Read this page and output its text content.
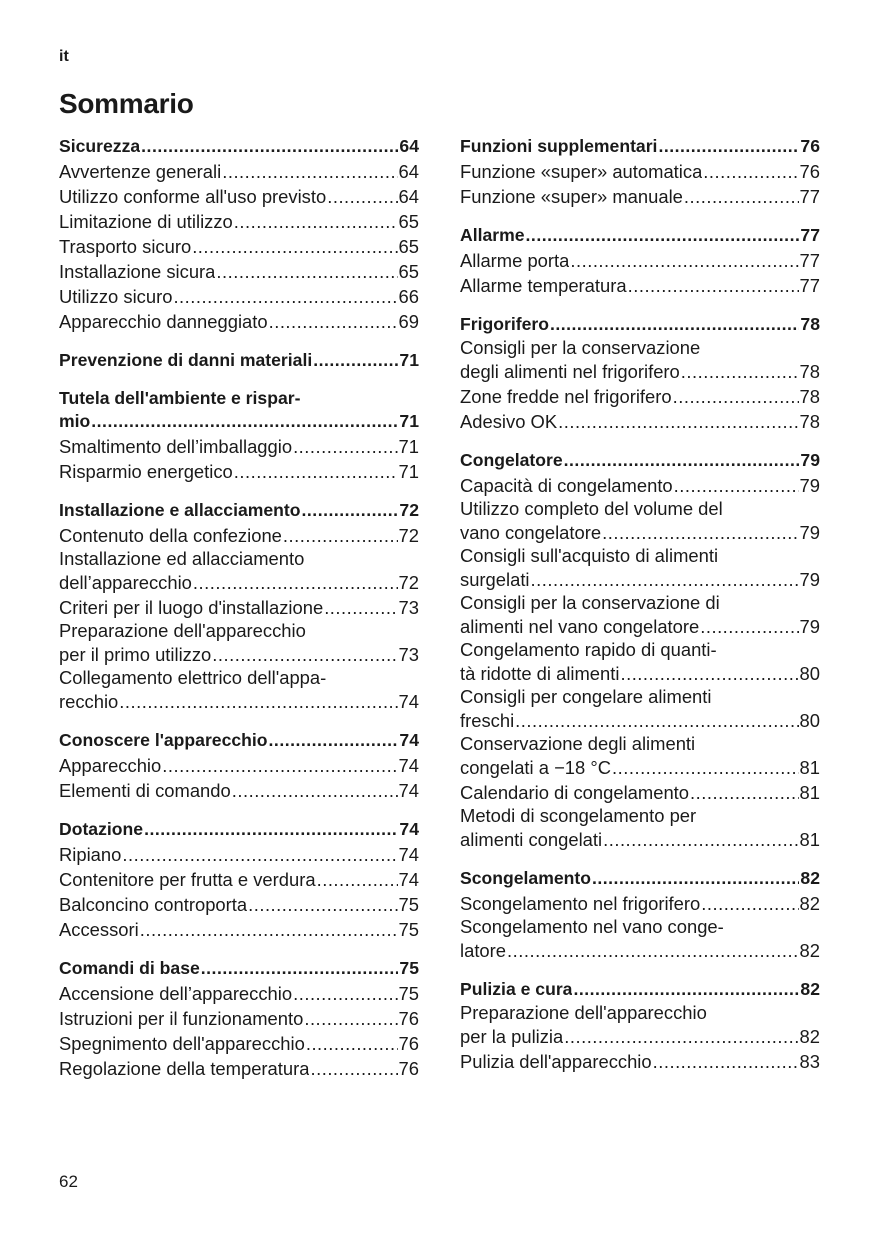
it
Sommario
Sicurezza .....	64
Avvertenze generali .....	64
Utilizzo conforme all'uso previsto .....	64
Limitazione di utilizzo .....	65
Trasporto sicuro .....	65
Installazione sicura .....	65
Utilizzo sicuro .....	66
Apparecchio danneggiato .....	69
Prevenzione di danni materiali .....	71
Tutela dell'ambiente e rispar-
mio .....	71
Smaltimento dell’imballaggio .....	71
Risparmio energetico .....	71
Installazione e allacciamento .....	72
Contenuto della confezione .....	72
Installazione ed allacciamento
dell’apparecchio .....	72
Criteri per il luogo d'installazione .....	73
Preparazione dell'apparecchio
per il primo utilizzo .....	73
Collegamento elettrico dell'appa-
recchio .....	74
Conoscere l'apparecchio .....	74
Apparecchio .....	74
Elementi di comando .....	74
Dotazione .....	74
Ripiano .....	74
Contenitore per frutta e verdura .....	74
Balconcino controporta .....	75
Accessori .....	75
Comandi di base .....	75
Accensione dell’apparecchio .....	75
Istruzioni per il funzionamento .....	76
Spegnimento dell'apparecchio .....	76
Regolazione della temperatura .....	76
Funzioni supplementari .....	76
Funzione «super» automatica .....	76
Funzione «super» manuale .....	77
Allarme .....	77
Allarme porta .....	77
Allarme temperatura .....	77
Frigorifero .....	78
Consigli per la conservazione
degli alimenti nel frigorifero .....	78
Zone fredde nel frigorifero .....	78
Adesivo OK .....	78
Congelatore .....	79
Capacità di congelamento .....	79
Utilizzo completo del volume del
vano congelatore .....	79
Consigli sull'acquisto di alimenti
surgelati .....	79
Consigli per la conservazione di
alimenti nel vano congelatore .....	79
Congelamento rapido di quanti-
tà ridotte di alimenti .....	80
Consigli per congelare alimenti
freschi .....	80
Conservazione degli alimenti
congelati a −18 °C .....	81
Calendario di congelamento .....	81
Metodi di scongelamento per
alimenti congelati .....	81
Scongelamento .....	82
Scongelamento nel frigorifero .....	82
Scongelamento nel vano conge-
latore .....	82
Pulizia e cura .....	82
Preparazione dell'apparecchio
per la pulizia .....	82
Pulizia dell'apparecchio .....	83
62
